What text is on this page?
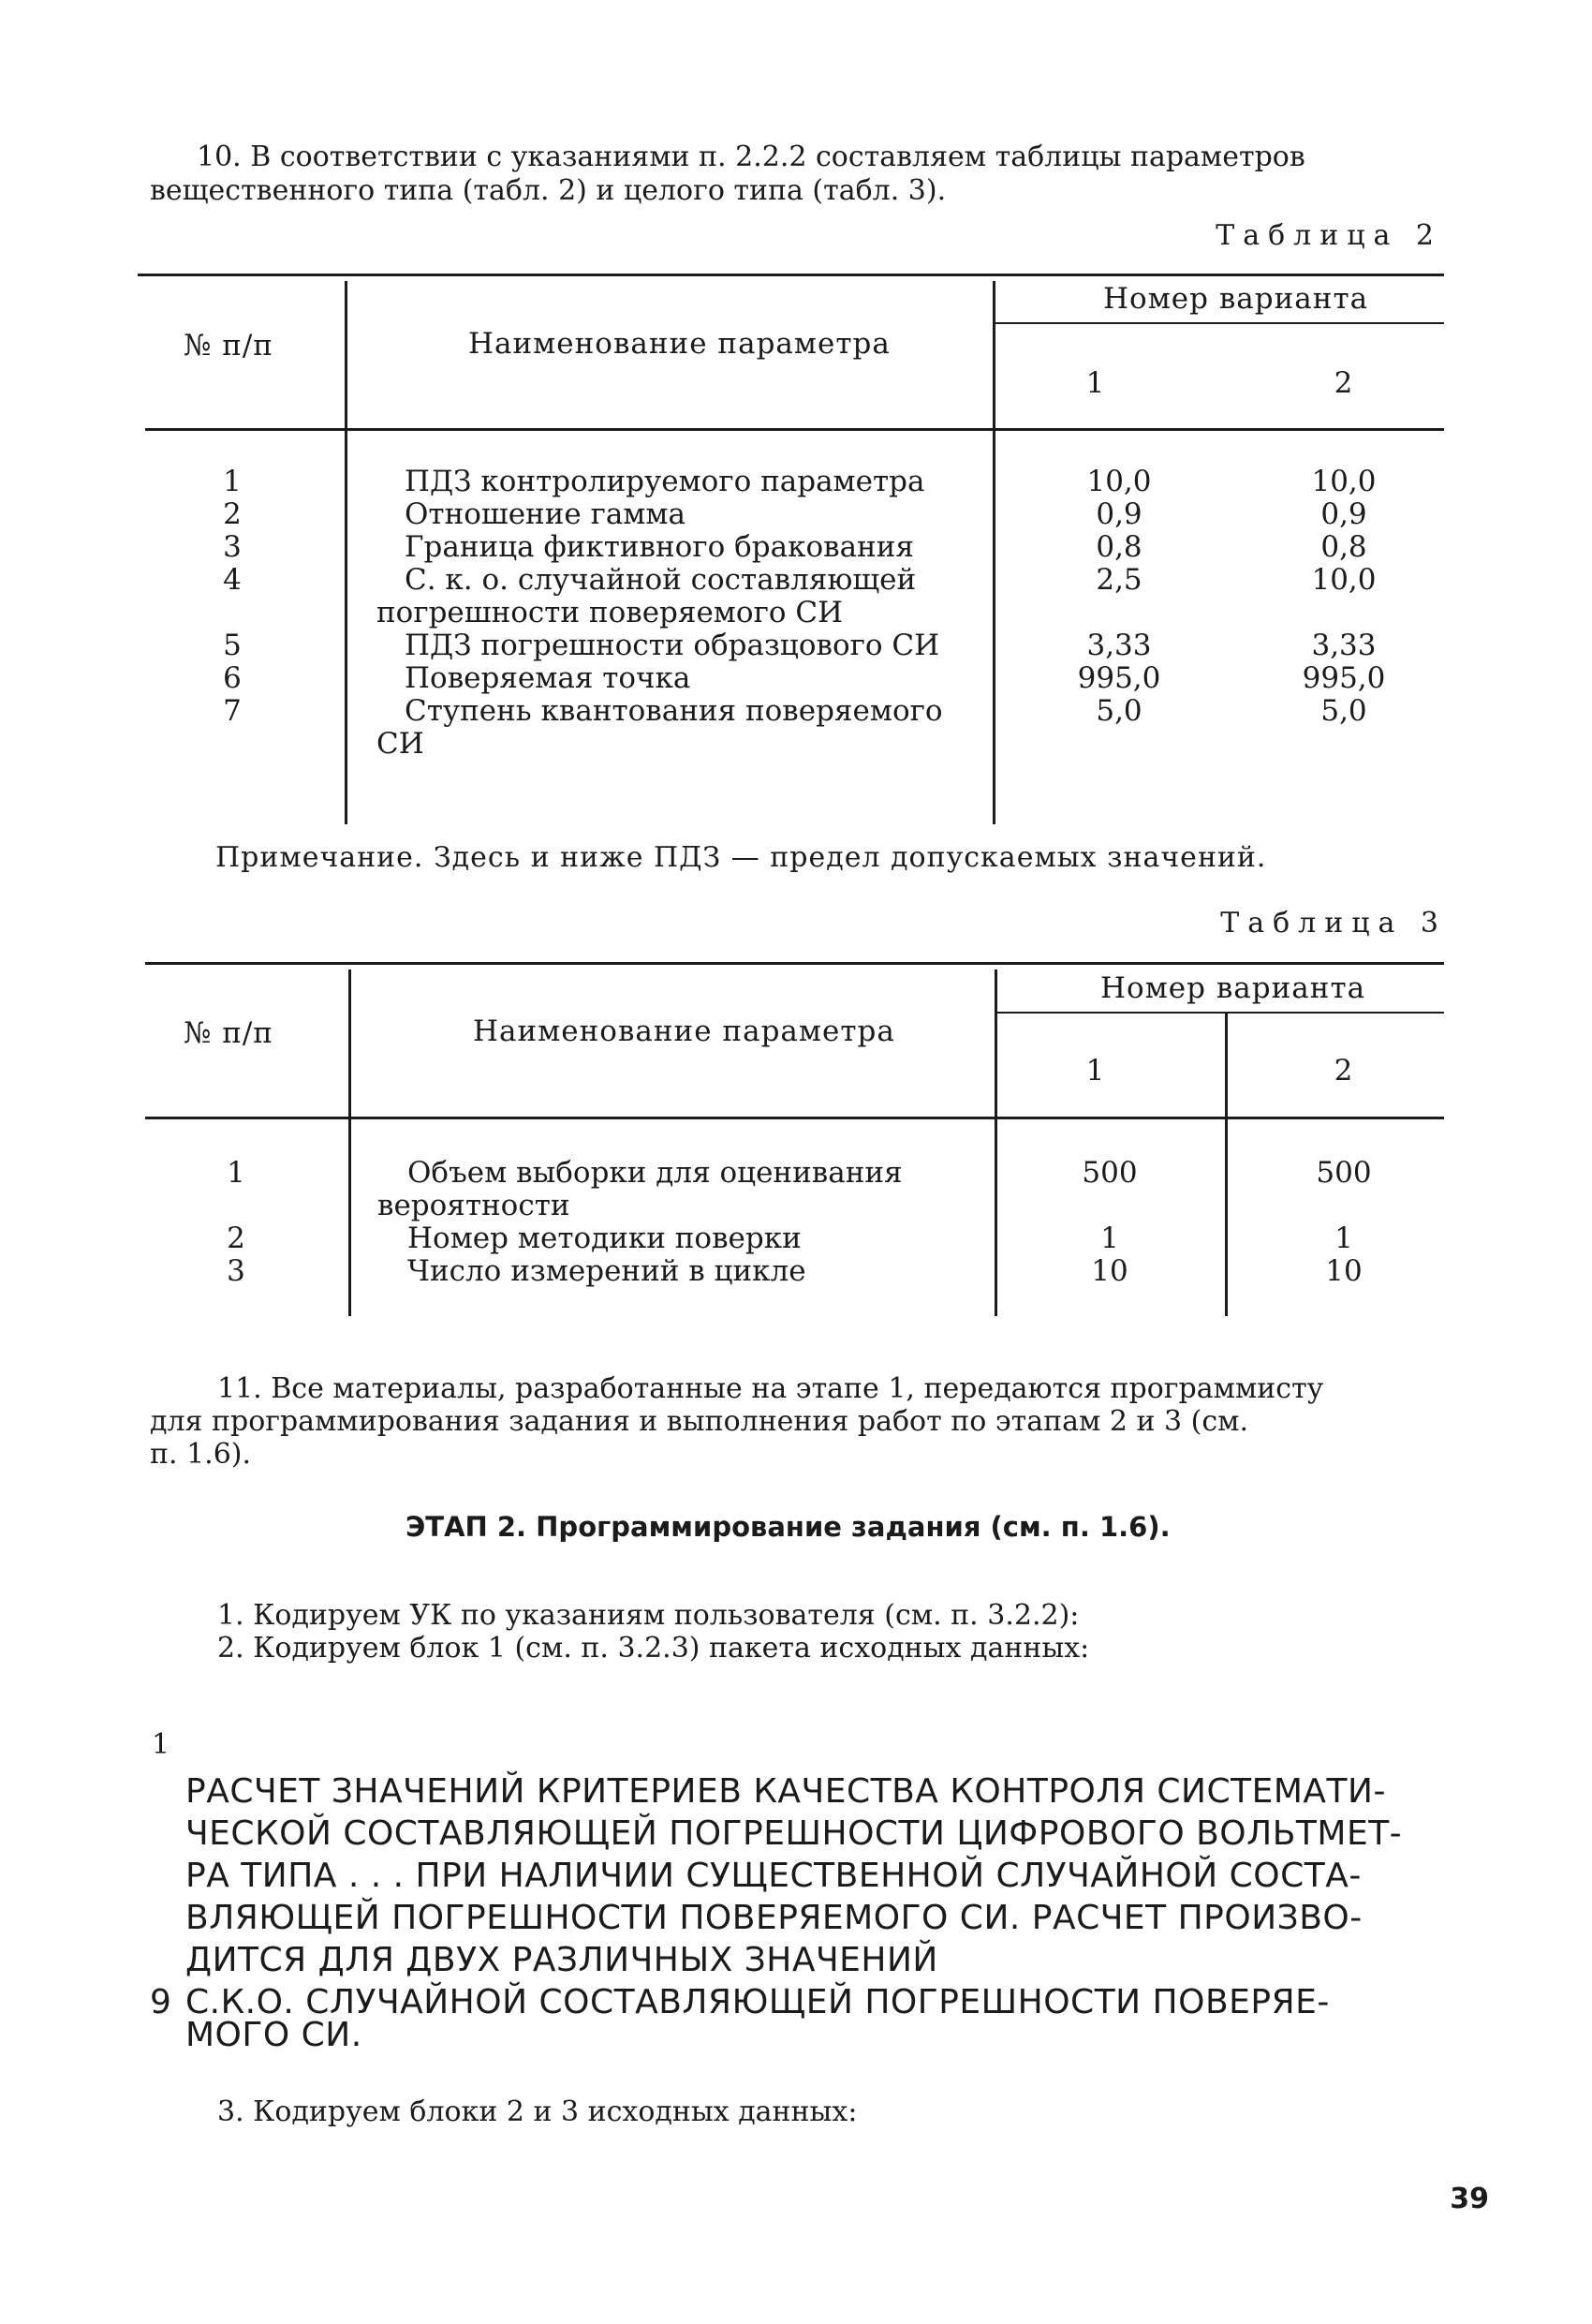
10. В соответствии с указаниями п. 2.2.2 составляем таблицы параметров
вещественного типа (табл. 2) и целого типа (табл. 3).
Таблица 2
№ п/п	Наименование параметра
Номер варианта
1	2
1	ПДЗ контролируемого параметра	10,0	10,0
2	Отношение гамма	0,9	0,9
3	Граница фиктивного бракования	0,8	0,8
4	С. к. о. случайной составляющей
погрешности поверяемого СИ
2,5	10,0
5	ПДЗ погрешности образцового СИ	3,33	3,33
6	Поверяемая точка	995,0	995,0
7	Ступень квантования поверяемого
СИ
5,0	5,0
Примечание. Здесь и ниже ПДЗ — предел допускаемых значений.
Таблица 3
№ п/п	Наименование параметра
Номер варианта
1	2
1	Объем выборки для оценивания
вероятности
500	500
2	Номер методики поверки	1	1
3	Число измерений в цикле	10	10
11. Все материалы, разработанные на этапе 1, передаются программисту
для программирования задания и выполнения работ по этапам 2 и 3 (см.
п. 1.6).
ЭТАП 2. Программирование задания (см. п. 1.6).
1. Кодируем УК по указаниям пользователя (см. п. 3.2.2):
2. Кодируем блок 1 (см. п. 3.2.3) пакета исходных данных:
1
РАСЧЕТ ЗНАЧЕНИЙ КРИТЕРИЕВ КАЧЕСТВА КОНТРОЛЯ СИСТЕМАТИ-
ЧЕСКОЙ СОСТАВЛЯЮЩЕЙ ПОГРЕШНОСТИ ЦИФРОВОГО ВОЛЬТМЕТ-
РА ТИПА . . . ПРИ НАЛИЧИИ СУЩЕСТВЕННОЙ СЛУЧАЙНОЙ СОСТА-
ВЛЯЮЩЕЙ ПОГРЕШНОСТИ ПОВЕРЯЕМОГО СИ. РАСЧЕТ ПРОИЗВО-
ДИТСЯ ДЛЯ ДВУХ РАЗЛИЧНЫХ ЗНАЧЕНИЙ
9 С.К.О. СЛУЧАЙНОЙ СОСТАВЛЯЮЩЕЙ ПОГРЕШНОСТИ ПОВЕРЯЕ-
МОГО СИ.
3. Кодируем блоки 2 и 3 исходных данных:
39
